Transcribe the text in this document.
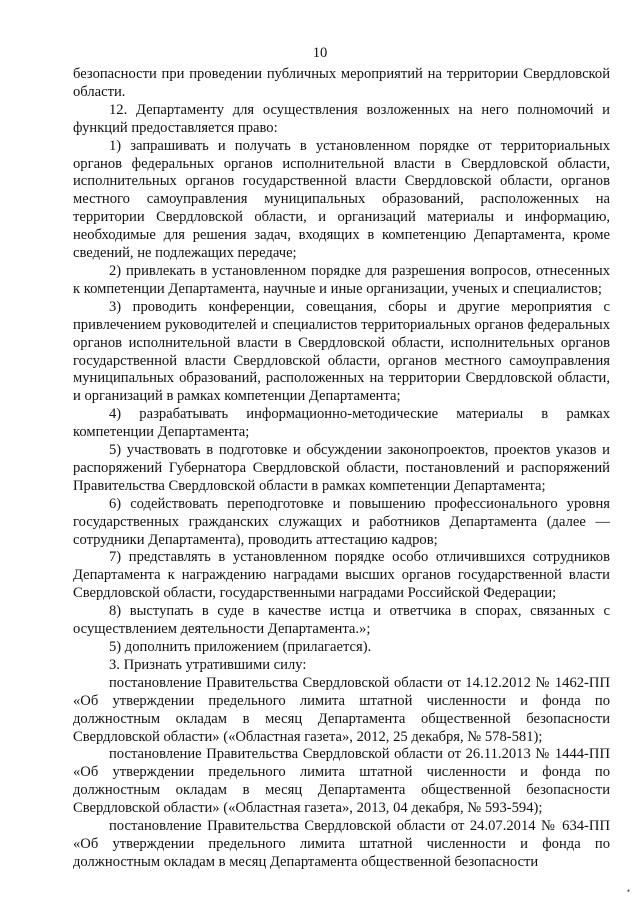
10

безопасности при проведении публичных мероприятий на территории Свердловской области.

12. Департаменту для осуществления возложенных на него полномочий и функций предоставляется право:

1) запрашивать и получать в установленном порядке от территориальных органов федеральных органов исполнительной власти в Свердловской области, исполнительных органов государственной власти Свердловской области, органов местного самоуправления муниципальных образований, расположенных на территории Свердловской области, и организаций материалы и информацию, необходимые для решения задач, входящих в компетенцию Департамента, кроме сведений, не подлежащих передаче;

2) привлекать в установленном порядке для разрешения вопросов, отнесенных к компетенции Департамента, научные и иные организации, ученых и специалистов;

3) проводить конференции, совещания, сборы и другие мероприятия с привлечением руководителей и специалистов территориальных органов федеральных органов исполнительной власти в Свердловской области, исполнительных органов государственной власти Свердловской области, органов местного самоуправления муниципальных образований, расположенных на территории Свердловской области, и организаций в рамках компетенции Департамента;

4) разрабатывать информационно-методические материалы в рамках компетенции Департамента;

5) участвовать в подготовке и обсуждении законопроектов, проектов указов и распоряжений Губернатора Свердловской области, постановлений и распоряжений Правительства Свердловской области в рамках компетенции Департамента;

6) содействовать переподготовке и повышению профессионального уровня государственных гражданских служащих и работников Департамента (далее — сотрудники Департамента), проводить аттестацию кадров;

7) представлять в установленном порядке особо отличившихся сотрудников Департамента к награждению наградами высших органов государственной власти Свердловской области, государственными наградами Российской Федерации;

8) выступать в суде в качестве истца и ответчика в спорах, связанных с осуществлением деятельности Департамента.»;

5) дополнить приложением (прилагается).

3. Признать утратившими силу:

постановление Правительства Свердловской области от 14.12.2012 № 1462-ПП «Об утверждении предельного лимита штатной численности и фонда по должностным окладам в месяц Департамента общественной безопасности Свердловской области» («Областная газета», 2012, 25 декабря, № 578-581);

постановление Правительства Свердловской области от 26.11.2013 № 1444-ПП «Об утверждении предельного лимита штатной численности и фонда по должностным окладам в месяц Департамента общественной безопасности Свердловской области» («Областная газета», 2013, 04 декабря, № 593-594);

постановление Правительства Свердловской области от 24.07.2014 № 634-ПП «Об утверждении предельного лимита штатной численности и фонда по должностным окладам в месяц Департамента общественной безопасности

•
